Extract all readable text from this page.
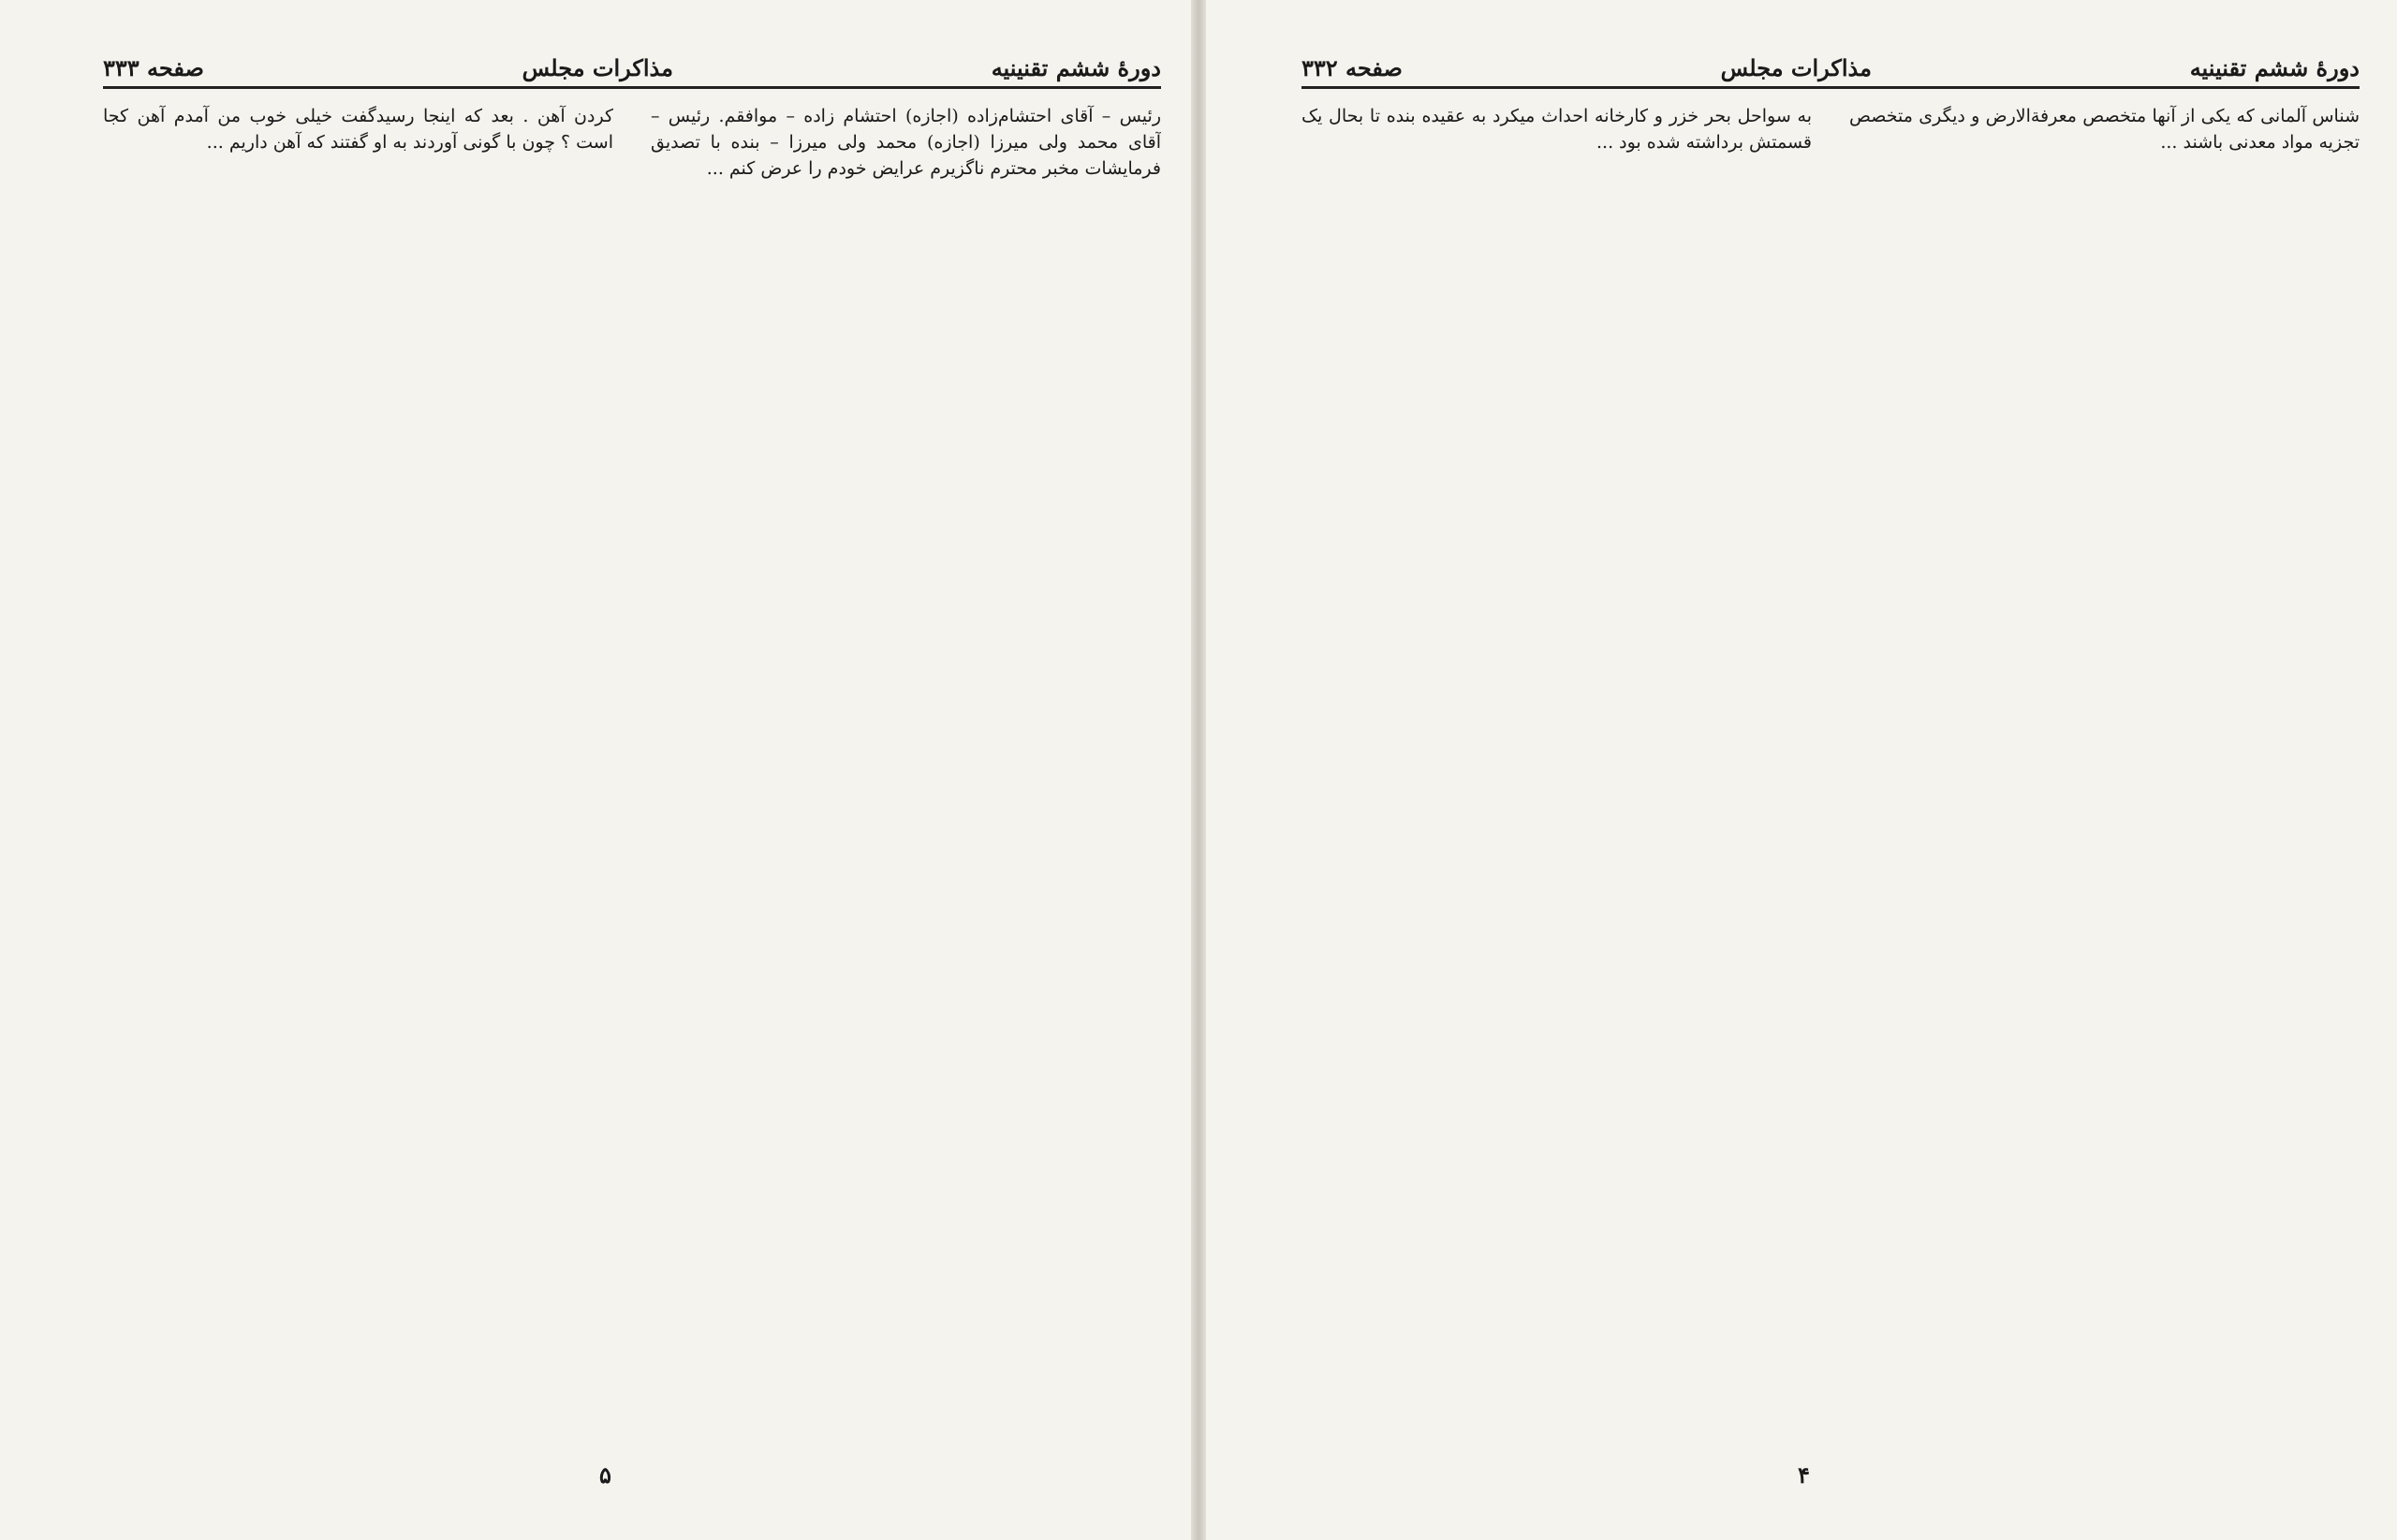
دورهٔ ششم تقنینیه
مذاکرات مجلس
صفحه ۳۳۳
رئیس – آقای احتشام‌زاده (اجازه) احتشام زاده – موافقم. رئیس – آقای محمد ولی میرزا (اجازه) محمد ولی میرزا – بنده با تصدیق فرمایشات مخبر محترم ناگزیرم عرایض خودم را عرض کنم ...
کردن آهن . بعد که اینجا رسیدگفت خیلی خوب من آمدم آهن کجا است ؟ چون با گونی آوردند به او گفتند که آهن داریم ...
۵
دورهٔ ششم تقنینیه
مذاکرات مجلس
صفحه ۳۳۲
شناس آلمانی که یکی از آنها متخصص معرفةالارض و دیگری متخصص تجزیه مواد معدنی باشند ...
به سواحل بحر خزر و کارخانه احداث میکرد به عقیده بنده تا بحال یک قسمتش برداشته شده بود ...
۴
